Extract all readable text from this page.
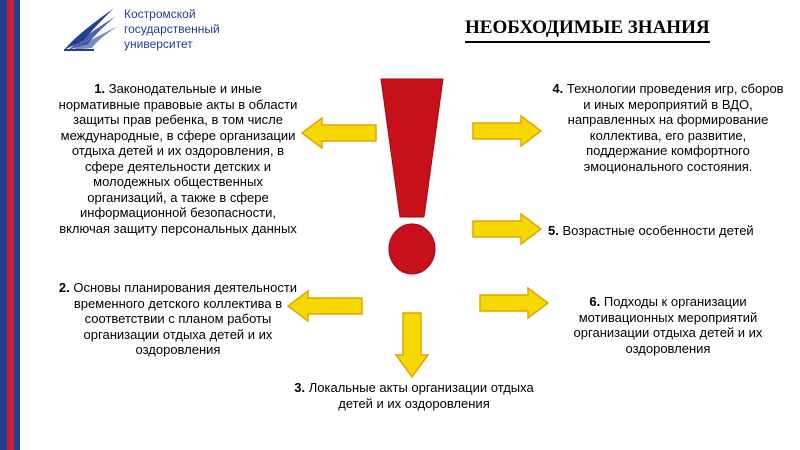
Костромской
государственный
университет
НЕОБХОДИМЫЕ ЗНАНИЯ
1. Законодательные и иные нормативные правовые акты в области защиты прав ребенка, в том числе международные, в сфере организации отдыха детей и их оздоровления, в сфере деятельности детских и молодежных общественных организаций, а также в сфере информационной безопасности, включая защиту персональных данных
2. Основы планирования деятельности временного детского коллектива в соответствии с планом работы организации отдыха детей и их оздоровления
3. Локальные акты организации отдыха детей и их оздоровления
4. Технологии проведения игр, сборов и иных мероприятий в ВДО, направленных на формирование коллектива, его развитие, поддержание комфортного эмоционального состояния.
5. Возрастные особенности детей
6. Подходы к организации мотивационных мероприятий организации отдыха детей и их оздоровления
